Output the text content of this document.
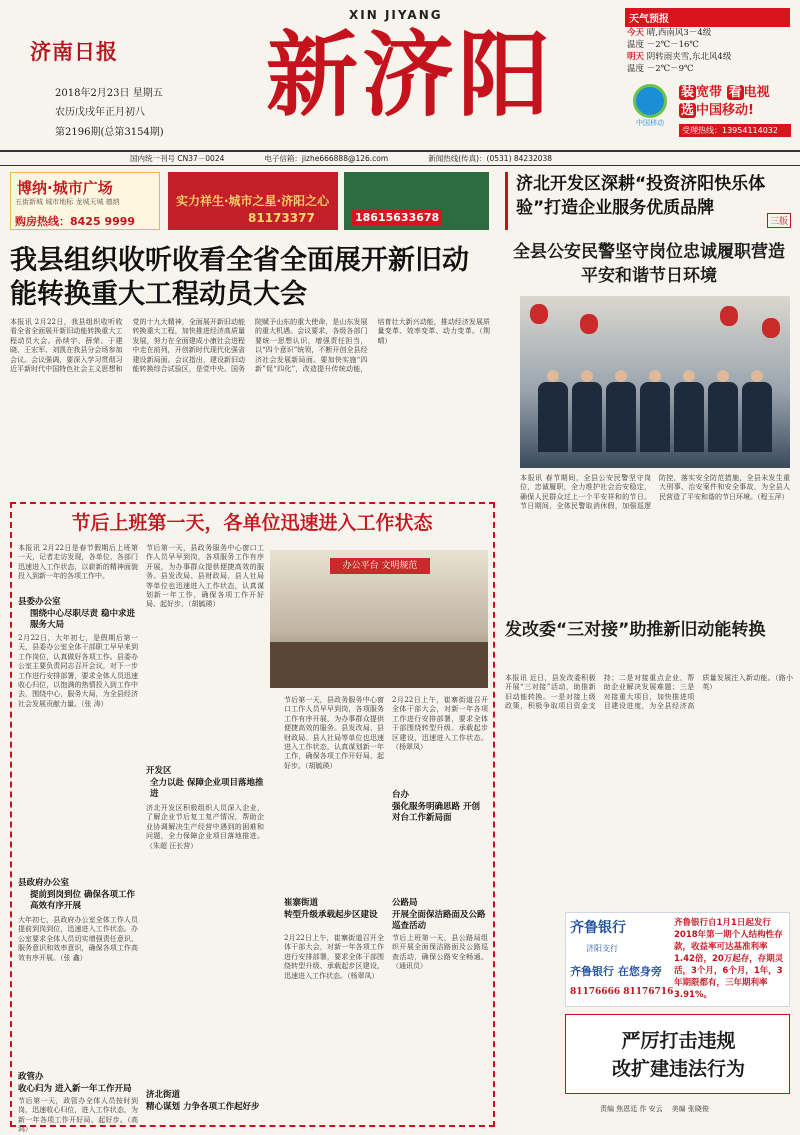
济南日报
2018年2月23日 星期五
农历戊戌年正月初八
第2196期(总第3154期)
XIN JIYANG
新济阳
天气预报
今天 晴,西南风3－4级
温度 －2℃－16℃
明天 阴转雨夹雪,东北风4级
温度 －2℃－9℃
中国移动
装 宽带 看 电视
选 中国移动!
受理热线：13954114032
国内统一刊号 CN37－0024	电子信箱：jizhe666888@126.com	新闻热线(传真)：(0531) 84232038
博纳·城市广场
五街新城 城市地标 龙城天城 德纳
购房热线：8425 9999
实力祥生·城市之星·济阳之心
81173377	18615633678
济北开发区深耕“投资济阳快乐体验”打造企业服务优质品牌
三版
我县组织收听收看全省全面展开新旧动能转换重大工程动员大会
本报讯 2月22日，我县组织收听收看全省全面展开新旧动能转换重大工程动员大会。孙续宇、薛荣、于建晓、王宏军、刘凯在我县分会场参加会议。会议强调，要深入学习贯彻习近平新时代中国特色社会主义思想和党的十九大精神，全面展开新旧动能转换重大工程，加快推进经济高质量发展，努力在全面建成小康社会进程中走在前列，开创新时代现代化强省建设新局面。会议指出，建设新旧动能转换综合试验区，是党中央、国务院赋予山东的重大使命，是山东发展的重大机遇。会议要求，各级各部门要统一思想认识，增强责任担当，以“四个意识”统领，不断开创全县经济社会发展新局面。要加快实施“四新”促“四化”，改造提升传统动能，培育壮大新兴动能，推动经济发展质量变革、效率变革、动力变革。（荆 晴）
全县公安民警坚守岗位忠诚履职营造平安和谐节日环境
本报讯 春节期间，全县公安民警坚守岗位，忠诚履职，全力维护社会治安稳定，确保人民群众过上一个平安祥和的节日。节日期间，全体民警取消休假，加强巡逻防控，落实安全防范措施，全县未发生重大刑事、治安案件和安全事故，为全县人民营造了平安和谐的节日环境。（程玉萍）
节后上班第一天，各单位迅速进入工作状态
本报讯 2月22日是春节假期后上班第一天，记者走访发现，各单位、各部门迅速进入工作状态，以崭新的精神面貌投入到新一年的各项工作中。
县委办公室
围绕中心尽职尽责 稳中求进服务大局
2月22日，大年初七，是假期后第一天，县委办公室全体干部职工早早来到工作岗位，认真做好各项工作。县委办公室主要负责同志召开会议，对下一步工作进行安排部署，要求全体人员迅速收心归位，以饱满的热情投入到工作中去，围绕中心，服务大局，为全县经济社会发展贡献力量。（张 涛）
县政府办公室
提前到岗到位 确保各项工作高效有序开展
大年初七，县政府办公室全体工作人员提前到岗到位，迅速进入工作状态。办公室要求全体人员切实增强责任意识、服务意识和效率意识，确保各项工作高效有序开展。（张 鑫）
政管办
收心归为 进入新一年工作开局
节后第一天，政管办全体人员按时到岗，迅速收心归位，进入工作状态，为新一年各项工作开好局、起好步。（高 鸿）
节后第一天，县政务服务中心窗口工作人员早早到岗，各项服务工作有序开展，为办事群众提供便捷高效的服务。县发改局、县财政局、县人社局等单位也迅速进入工作状态，认真谋划新一年工作，确保各项工作开好局、起好步。（胡毓瑛）
办公平台 文明规范
开发区
全力以赴 保障企业项目落地推进
济北开发区积极组织人员深入企业，了解企业节后复工复产情况，帮助企业协调解决生产经营中遇到的困难和问题，全力保障企业项目落地推进。（朱超 汪长营）
济北街道
精心谋划 力争各项工作起好步
节后第一天，县政务服务中心窗口工作人员早早到岗，各项服务工作有序开展，为办事群众提供便捷高效的服务。县发改局、县财政局、县人社局等单位也迅速进入工作状态，认真谋划新一年工作，确保各项工作开好局、起好步。（胡毓瑛）
崔寨街道
转型升级承载起步区建设
2月22日上午，崔寨街道召开全体干部大会，对新一年各项工作进行安排部署，要求全体干部围绕转型升级、承载起步区建设，迅速进入工作状态。（杨翠凤）
2月22日上午，崔寨街道召开全体干部大会，对新一年各项工作进行安排部署，要求全体干部围绕转型升级、承载起步区建设，迅速进入工作状态。（杨翠凤）
台办
强化服务明确思路 开创对台工作新局面
公路局
开展全面保洁路面及公路巡查活动
节后上班第一天，县公路局组织开展全面保洁路面及公路巡查活动，确保公路安全畅通。（通讯员）
发改委“三对接”助推新旧动能转换
本报讯 近日，县发改委积极开展“三对接”活动，助推新旧动能转换。一是对接上级政策，积极争取项目资金支持；二是对接重点企业，帮助企业解决发展难题；三是对接重大项目，加快推进项目建设进度，为全县经济高质量发展注入新动能。（路小英）
齐鲁银行
济阳支行
齐鲁银行 在您身旁
81176666 81176716
齐鲁银行自1月1日起发行2018年第一期个人结构性存款，收益率可达基准利率1.42倍，20万起存，存期灵活，3个月，6个月，1年，3年期限都有，三年期利率3.91%。
严厉打击违规
改扩建违法行为
责编 焦恩廷 作 安云 美编 张晓俊
